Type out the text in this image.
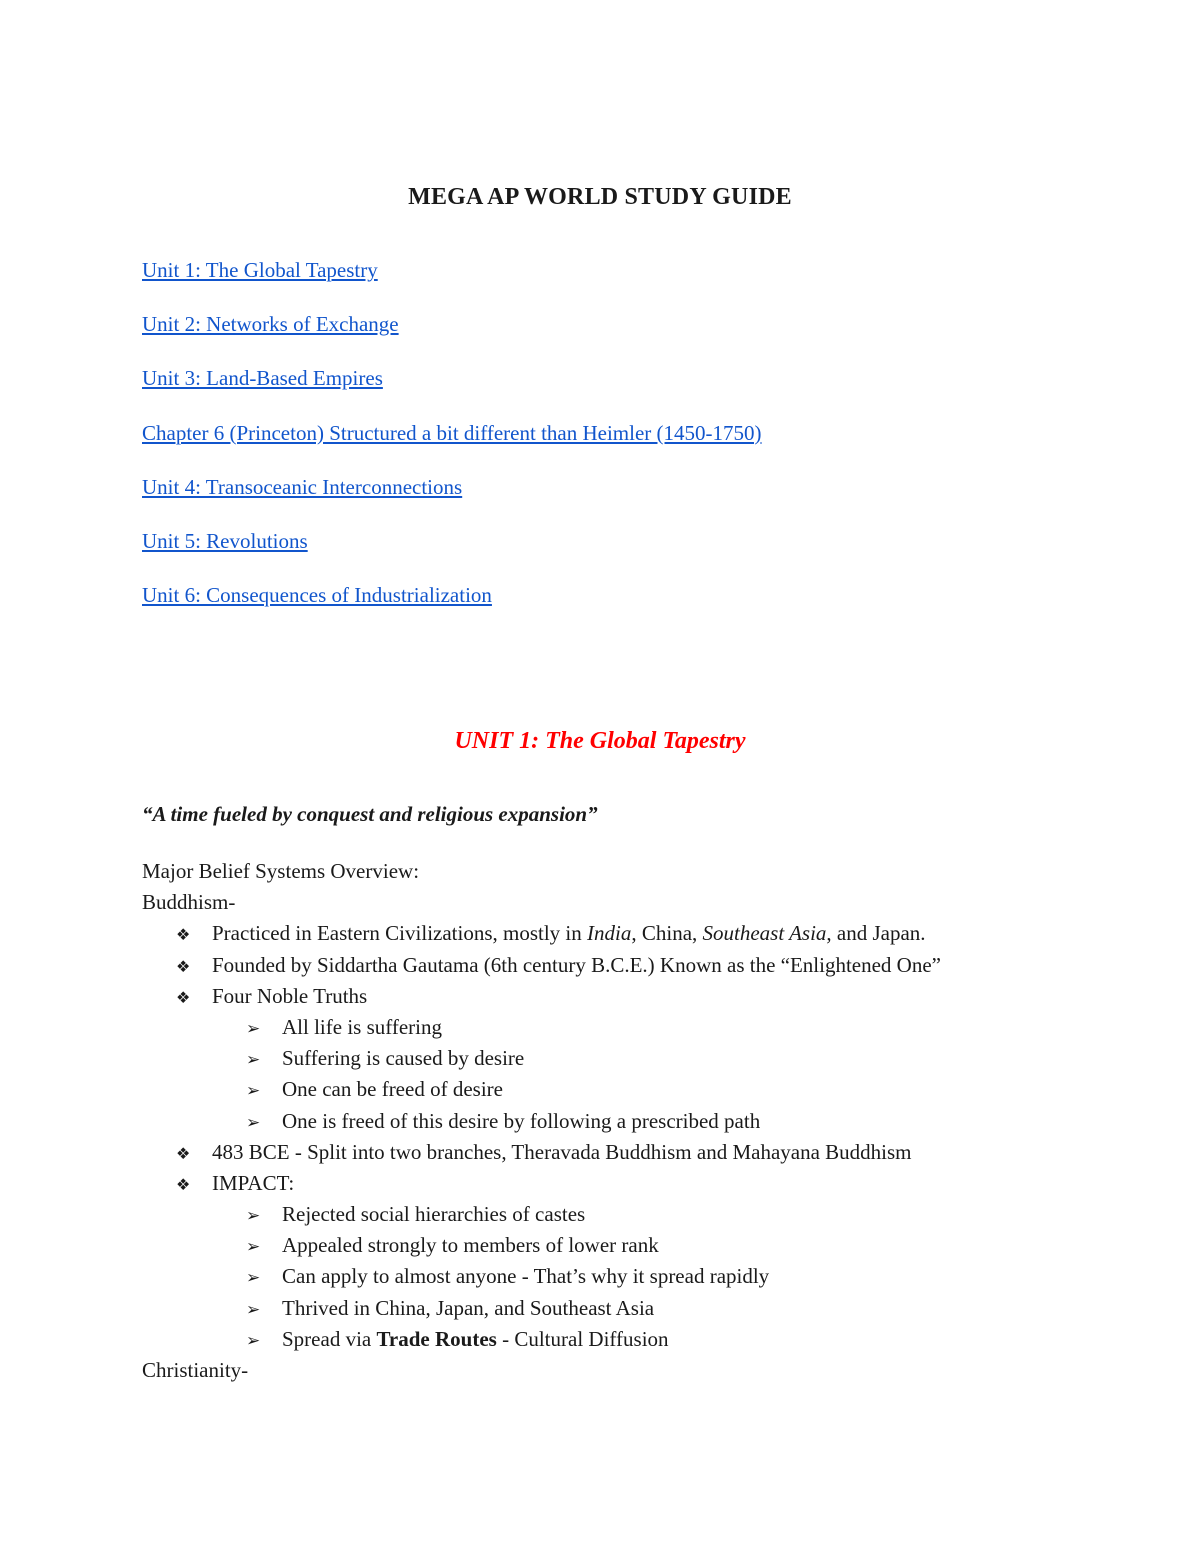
MEGA AP WORLD STUDY GUIDE
Unit 1: The Global Tapestry
Unit 2: Networks of Exchange
Unit 3: Land-Based Empires
Chapter 6 (Princeton) Structured a bit different than Heimler (1450-1750)
Unit 4: Transoceanic Interconnections
Unit 5: Revolutions
Unit 6: Consequences of Industrialization
UNIT 1: The Global Tapestry
“A time fueled by conquest and religious expansion”
Major Belief Systems Overview:
Buddhism-
❖ Practiced in Eastern Civilizations, mostly in India, China, Southeast Asia, and Japan.
❖ Founded by Siddartha Gautama (6th century B.C.E.) Known as the “Enlightened One”
❖ Four Noble Truths
➢ All life is suffering
➢ Suffering is caused by desire
➢ One can be freed of desire
➢ One is freed of this desire by following a prescribed path
❖ 483 BCE - Split into two branches, Theravada Buddhism and Mahayana Buddhism
❖ IMPACT:
➢ Rejected social hierarchies of castes
➢ Appealed strongly to members of lower rank
➢ Can apply to almost anyone - That’s why it spread rapidly
➢ Thrived in China, Japan, and Southeast Asia
➢ Spread via Trade Routes - Cultural Diffusion
Christianity-
